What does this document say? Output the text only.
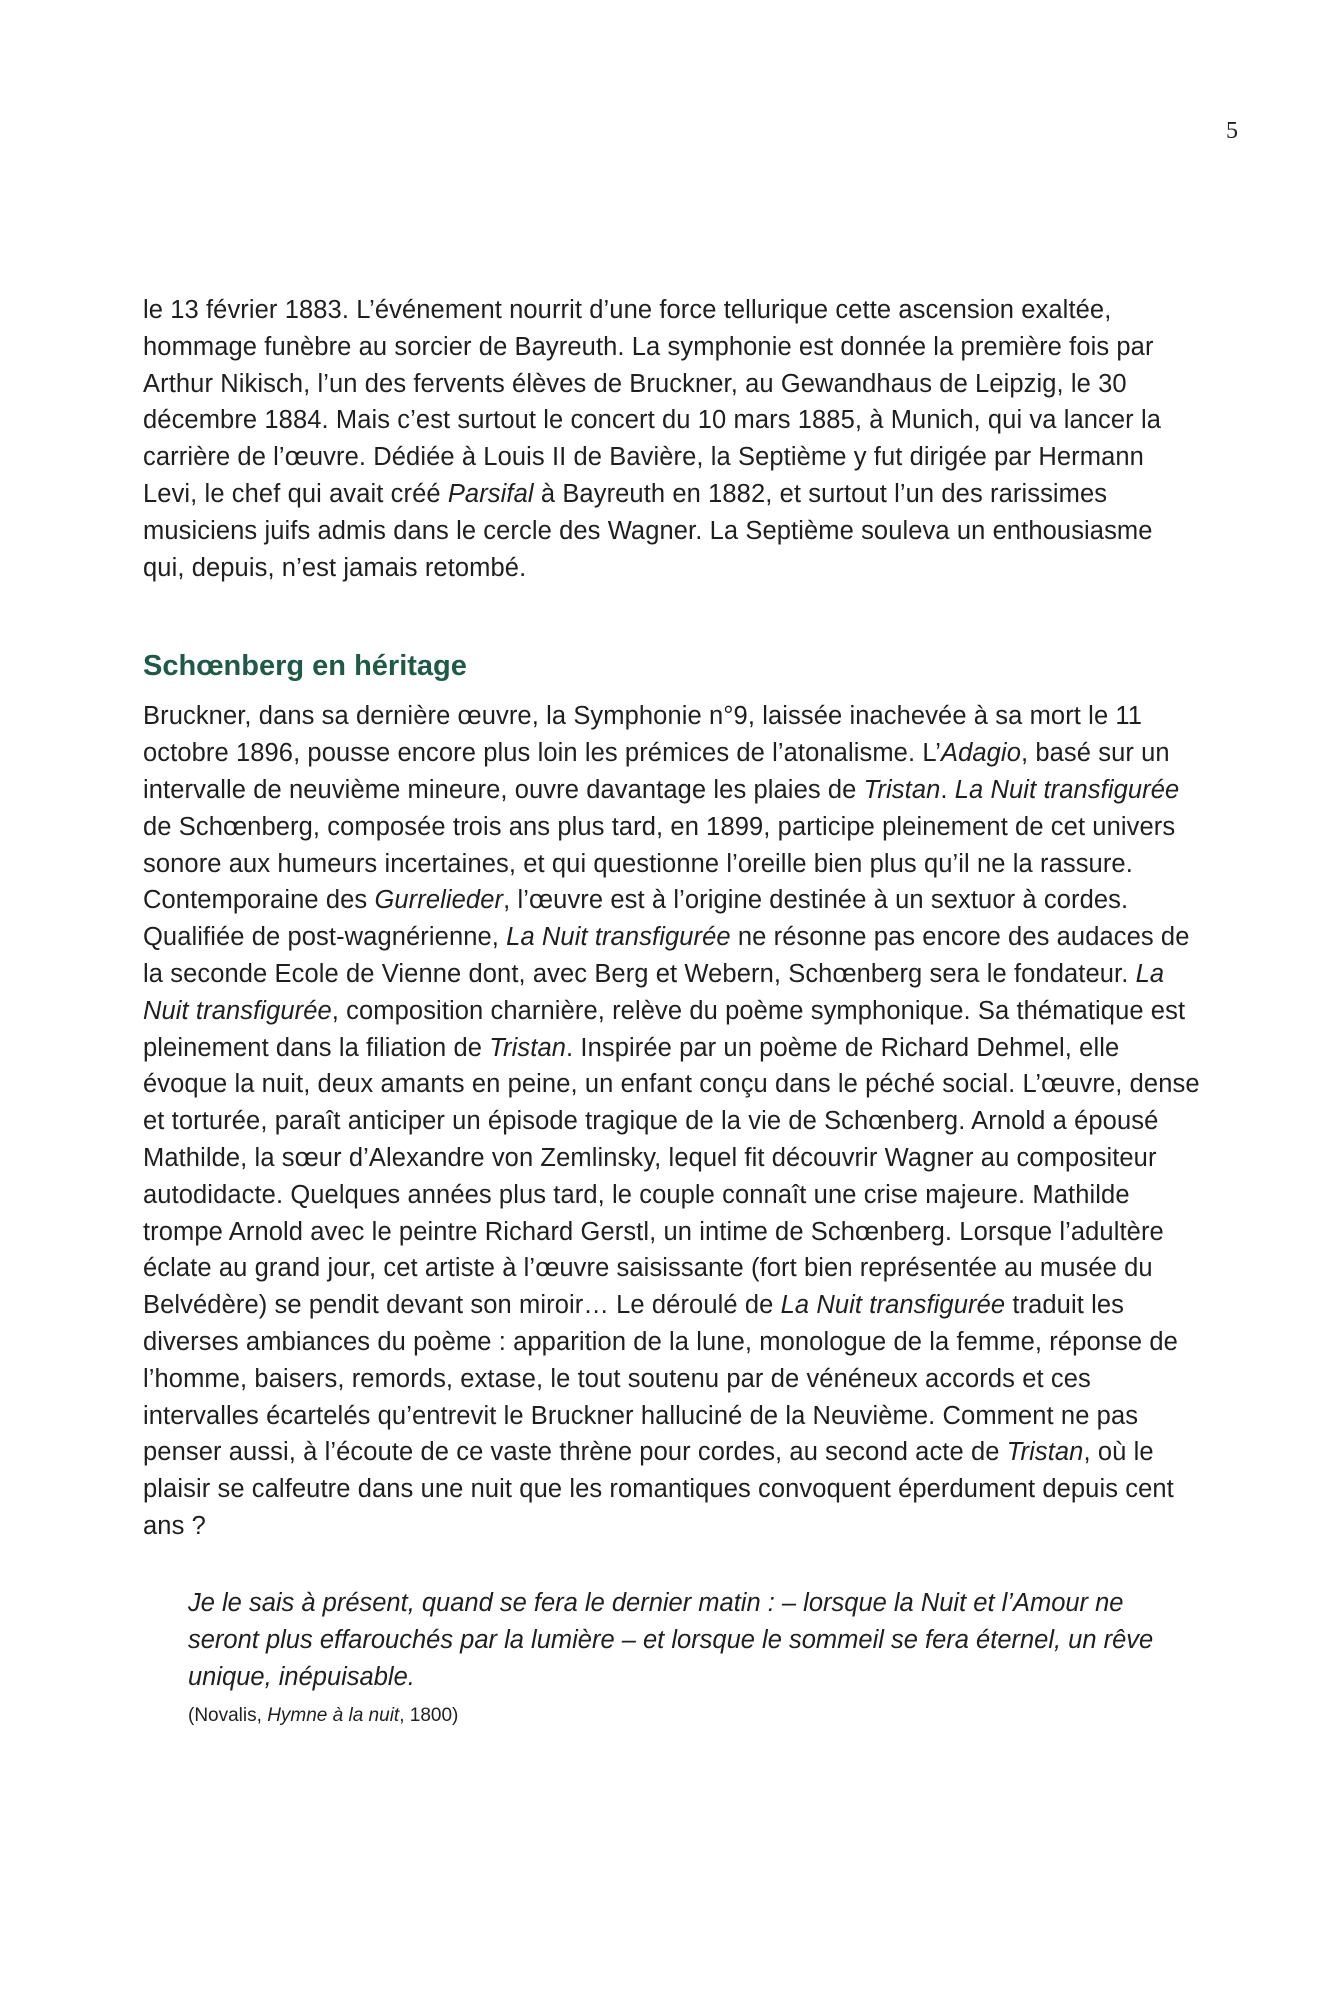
5

le 13 février 1883. L’événement nourrit d’une force tellurique cette ascension exaltée, hommage funèbre au sorcier de Bayreuth. La symphonie est donnée la première fois par Arthur Nikisch, l’un des fervents élèves de Bruckner, au Gewandhaus de Leipzig, le 30 décembre 1884. Mais c’est surtout le concert du 10 mars 1885, à Munich, qui va lancer la carrière de l’œuvre. Dédiée à Louis II de Bavière, la Septième y fut dirigée par Hermann Levi, le chef qui avait créé Parsifal à Bayreuth en 1882, et surtout l’un des rarissimes musiciens juifs admis dans le cercle des Wagner. La Septième souleva un enthousiasme qui, depuis, n’est jamais retombé.

Schœnberg en héritage

Bruckner, dans sa dernière œuvre, la Symphonie n°9, laissée inachevée à sa mort le 11 octobre 1896, pousse encore plus loin les prémices de l’atonalisme. L’Adagio, basé sur un intervalle de neuvième mineure, ouvre davantage les plaies de Tristan. La Nuit transfigurée de Schœnberg, composée trois ans plus tard, en 1899, participe pleinement de cet univers sonore aux humeurs incertaines, et qui questionne l’oreille bien plus qu’il ne la rassure. Contemporaine des Gurrelieder, l’œuvre est à l’origine destinée à un sextuor à cordes. Qualifiée de post-wagnérienne, La Nuit transfigurée ne résonne pas encore des audaces de la seconde Ecole de Vienne dont, avec Berg et Webern, Schœnberg sera le fondateur. La Nuit transfigurée, composition charnière, relève du poème symphonique. Sa thématique est pleinement dans la filiation de Tristan. Inspirée par un poème de Richard Dehmel, elle évoque la nuit, deux amants en peine, un enfant conçu dans le péché social. L’œuvre, dense et torturée, paraît anticiper un épisode tragique de la vie de Schœnberg. Arnold a épousé Mathilde, la sœur d’Alexandre von Zemlinsky, lequel fit découvrir Wagner au compositeur autodidacte. Quelques années plus tard, le couple connaît une crise majeure. Mathilde trompe Arnold avec le peintre Richard Gerstl, un intime de Schœnberg. Lorsque l’adultère éclate au grand jour, cet artiste à l’œuvre saisissante (fort bien représentée au musée du Belvédère) se pendit devant son miroir… Le déroulé de La Nuit transfigurée traduit les diverses ambiances du poème : apparition de la lune, monologue de la femme, réponse de l’homme, baisers, remords, extase, le tout soutenu par de vénéneux accords et ces intervalles écartelés qu’entrevit le Bruckner halluciné de la Neuvième. Comment ne pas penser aussi, à l’écoute de ce vaste thrène pour cordes, au second acte de Tristan, où le plaisir se calfeutre dans une nuit que les romantiques convoquent éperdument depuis cent ans ?

Je le sais à présent, quand se fera le dernier matin : – lorsque la Nuit et l’Amour ne seront plus effarouchés par la lumière – et lorsque le sommeil se fera éternel, un rêve unique, inépuisable.

(Novalis, Hymne à la nuit, 1800)
